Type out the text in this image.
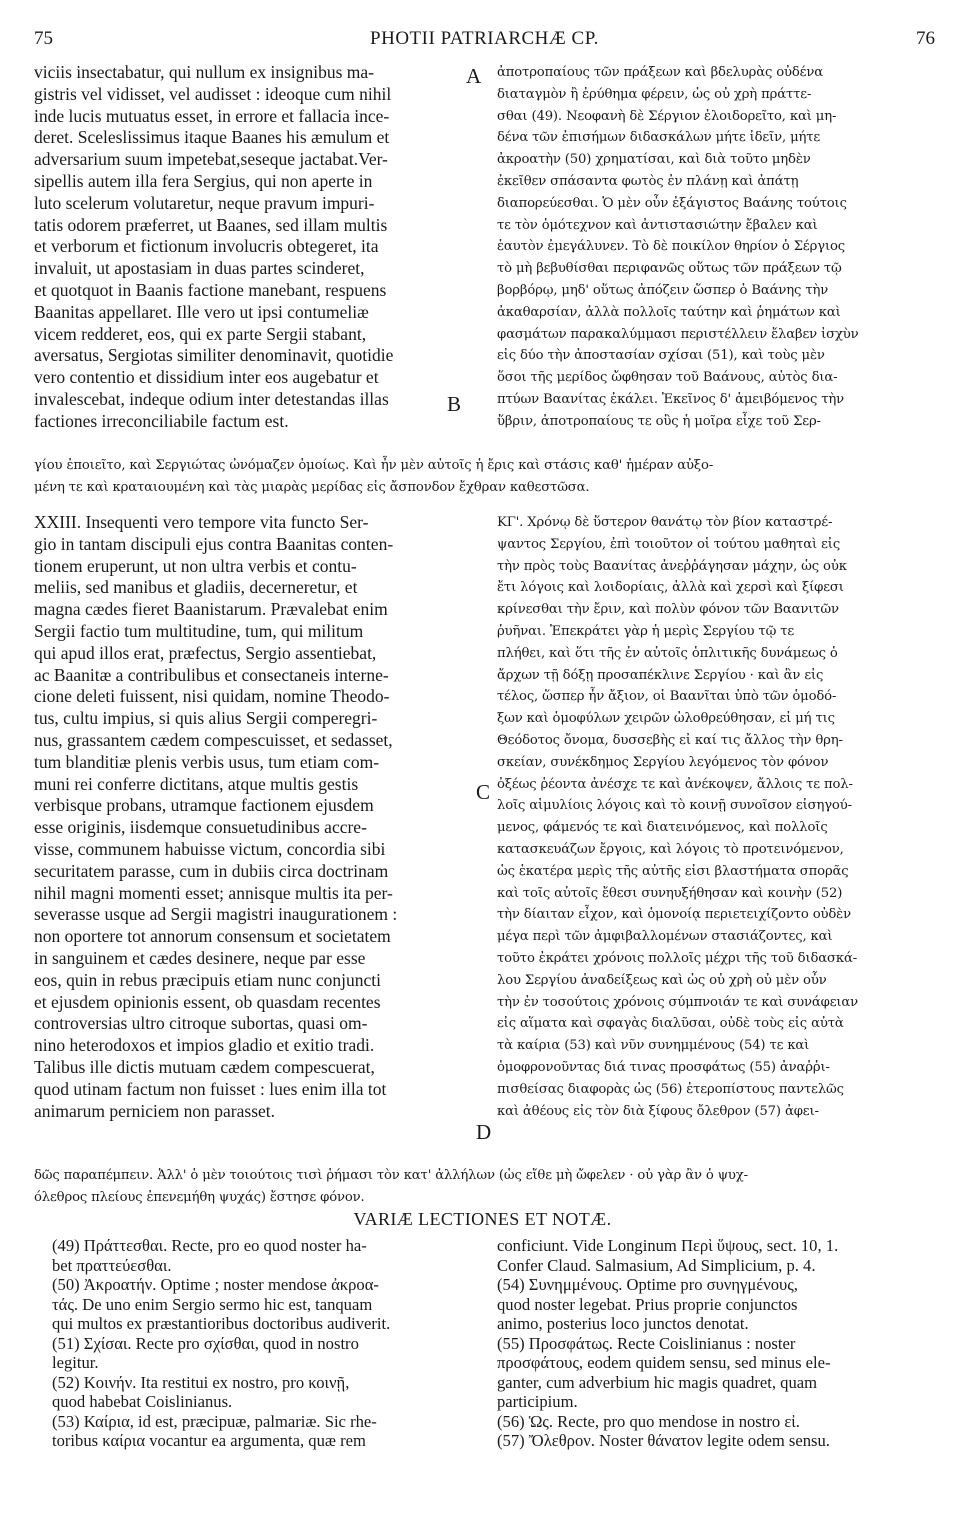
75	PHOTII PATRIARCHÆ CP.	76
viciis insectabatur, qui nullum ex insignibus ma-
gistris vel vidisset, vel audisset : ideoque cum nihil
inde lucis mutuatus esset, in errore et fallacia ince-
deret. Sceleslissimus itaque Baanes his æmulum et
adversarium suum impetebat,seseque jactabat.Ver-
sipellis autem illa fera Sergius, qui non aperte in
luto scelerum volutaretur, neque pravum impuri-
tatis odorem præferret, ut Baanes, sed illam multis
et verborum et fictionum involucris obtegeret, ita
invaluit, ut apostasiam in duas partes scinderet,
et quotquot in Baanis factione manebant, respuens
Baanitas appellaret. Ille vero ut ipsi contumeliæ
vicem redderet, eos, qui ex parte Sergii stabant,
aversatus, Sergiotas similiter denominavit, quotidie
vero contentio et dissidium inter eos augebatur et
invalescebat, indeque odium inter detestandas illas
factiones irreconciliabile factum est.
ἀποτροπαίους τῶν πράξεων καὶ βδελυρὰς οὐδένα
διαταγμὸν ἢ ἐρύθημα φέρειν, ὡς οὐ χρὴ πράττε-
σθαι (49). Νεοφανὴ δὲ Σέργιον ἐλοιδορεῖτο, καὶ μη-
δένα τῶν ἐπισήμων διδασκάλων μήτε ἰδεῖν, μήτε
ἀκροατὴν (50) χρηματίσαι, καὶ διὰ τοῦτο μηδὲν
ἐκεῖθεν σπάσαντα φωτὸς ἐν πλάνῃ καὶ ἀπάτῃ
διαπορεύεσθαι. Ὁ μὲν οὖν ἐξάγιστος Βαάνης τούτοις
τε τὸν ὁμότεχνον καὶ ἀντιστασιώτην ἔβαλεν καὶ
ἑαυτὸν ἐμεγάλυνεν. Τὸ δὲ ποικίλον θηρίον ὁ Σέργιος
τὸ μὴ βεβυθίσθαι περιφανῶς οὕτως τῶν πράξεων τῷ
βορβόρῳ, μηδ' οὕτως ἀπόζειν ὥσπερ ὁ Βαάνης τὴν
ἀκαθαρσίαν, ἀλλὰ πολλοῖς ταύτην καὶ ῥημάτων καὶ
φασμάτων παρακαλύμμασι περιστέλλειν ἔλαβεν ἰσχὺν
εἰς δύο τὴν ἀποστασίαν σχίσαι (51), καὶ τοὺς μὲν
ὅσοι τῆς μερίδος ὤφθησαν τοῦ Βαάνους, αὐτὸς δια-
πτύων Βαανίτας ἐκάλει. Ἐκεῖνος δ' ἀμειβόμενος τὴν
ὕβριν, ἀποτροπαίους τε οὓς ἡ μοῖρα εἶχε τοῦ Σερ-
γίου ἐποιεῖτο, καὶ Σεργιώτας ὠνόμαζεν ὁμοίως. Καὶ ἦν μὲν αὐτοῖς ἡ ἔρις καὶ στάσις καθ' ἡμέραν αὐξο-
μένη τε καὶ κραταιουμένη καὶ τὰς μιαρὰς μερίδας εἰς ἄσπονδον ἔχθραν καθεστῶσα.
XXIII. Insequenti vero tempore vita functo Ser-
gio in tantam discipuli ejus contra Baanitas conten-
tionem eruperunt, ut non ultra verbis et contu-
meliis, sed manibus et gladiis, decerneretur, et
magna cædes fieret Baanistarum. Prævalebat enim
Sergii factio tum multitudine, tum, qui militum
qui apud illos erat, præfectus, Sergio assentiebat,
ac Baanitæ a contribulibus et consectaneis interne-
cione deleti fuissent, nisi quidam, nomine Theodo-
tus, cultu impius, si quis alius Sergii comperegri-
nus, grassantem cædem compescuisset, et sedasset,
tum blanditiæ plenis verbis usus, tum etiam com-
muni rei conferre dictitans, atque multis gestis
verbisque probans, utramque factionem ejusdem
esse originis, iisdemque consuetudinibus accre-
visse, communem habuisse victum, concordia sibi
securitatem parasse, cum in dubiis circa doctrinam
nihil magni momenti esset; annisque multis ita per-
severasse usque ad Sergii magistri inaugurationem :
non oportere tot annorum consensum et societatem
in sanguinem et cædes desinere, neque par esse
eos, quin in rebus præcipuis etiam nunc conjuncti
et ejusdem opinionis essent, ob quasdam recentes
controversias ultro citroque subortas, quasi om-
nino heterodoxos et impios gladio et exitio tradi.
Talibus ille dictis mutuam cædem compescuerat,
quod utinam factum non fuisset : lues enim illa tot
animarum perniciem non parasset.
ΚΓ'. Χρόνῳ δὲ ὕστερον θανάτῳ τὸν βίον καταστρέ-
ψαντος Σεργίου, ἐπὶ τοιοῦτον οἱ τούτου μαθηταὶ εἰς
τὴν πρὸς τοὺς Βαανίτας ἀνεῤῥάγησαν μάχην, ὡς οὐκ
ἔτι λόγοις καὶ λοιδορίαις, ἀλλὰ καὶ χερσὶ καὶ ξίφεσι
κρίνεσθαι τὴν ἔριν, καὶ πολὺν φόνον τῶν Βαανιτῶν
ῥυῆναι. Ἐπεκράτει γὰρ ἡ μερὶς Σεργίου τῷ τε
πλήθει, καὶ ὅτι τῆς ἐν αὐτοῖς ὁπλιτικῆς δυνάμεως ὁ
ἄρχων τῇ δόξῃ προσαπέκλινε Σεργίου · καὶ ἂν εἰς
τέλος, ὥσπερ ἦν ἄξιον, οἱ Βαανῖται ὑπὸ τῶν ὁμοδό-
ξων καὶ ὁμοφύλων χειρῶν ὠλοθρεύθησαν, εἰ μή τις
Θεόδοτος ὄνομα, δυσσεβὴς εἰ καί τις ἄλλος τὴν θρη-
σκείαν, συνέκδημος Σεργίου λεγόμενος τὸν φόνον
ὀξέως ῥέοντα ἀνέσχε τε καὶ ἀνέκοψεν, ἄλλοις τε πολ-
λοῖς αἱμυλίοις λόγοις καὶ τὸ κοινῇ συνοῖσον εἰσηγού-
μενος, φάμενός τε καὶ διατεινόμενος, καὶ πολλοῖς
κατασκευάζων ἔργοις, καὶ λόγοις τὸ προτεινόμενον,
ὡς ἑκατέρα μερὶς τῆς αὐτῆς εἰσι βλαστήματα σπορᾶς
καὶ τοῖς αὐτοῖς ἔθεσι συνηυξήθησαν καὶ κοινὴν (52)
τὴν δίαιταν εἶχον, καὶ ὁμονοίᾳ περιετειχίζοντο οὐδὲν
μέγα περὶ τῶν ἀμφιβαλλομένων στασιάζοντες, καὶ
τοῦτο ἐκράτει χρόνοις πολλοῖς μέχρι τῆς τοῦ διδασκά-
λου Σεργίου ἀναδείξεως καὶ ὡς οὐ χρὴ οὐ μὲν οὖν
τὴν ἐν τοσούτοις χρόνοις σύμπνοιάν τε καὶ συνάφειαν
εἰς αἵματα καὶ σφαγὰς διαλῦσαι, οὐδὲ τοὺς εἰς αὐτὰ
τὰ καίρια (53) καὶ νῦν συνημμένους (54) τε καὶ
ὁμοφρονοῦντας διά τινας προσφάτως (55) ἀναῤῥι-
πισθείσας διαφορὰς ὡς (56) ἑτεροπίστους παντελῶς
καὶ ἀθέους εἰς τὸν διὰ ξίφους ὄλεθρον (57) ἀφει-
δῶς παραπέμπειν. Ἀλλ' ὁ μὲν τοιούτοις τισὶ ῥήμασι τὸν κατ' ἀλλήλων (ὡς εἴθε μὴ ὤφελεν · οὐ γὰρ ἂν ὁ ψυχ-
όλεθρος πλείους ἐπενεμήθη ψυχάς) ἔστησε φόνον.
A
B
C
D
VARIÆ LECTIONES ET NOTÆ.
(49) Πράττεσθαι. Recte, pro eo quod noster ha-
bet πραττεύεσθαι.
(50) Ἀκροατήν. Optime ; noster mendose ἀκροα-
τάς. De uno enim Sergio sermo hic est, tanquam
qui multos ex præstantioribus doctoribus audiverit.
(51) Σχίσαι. Recte pro σχίσθαι, quod in nostro
legitur.
(52) Κοινήν. Ita restitui ex nostro, pro κοινῇ,
quod habebat Coislinianus.
(53) Καίρια, id est, præcipuæ, palmariæ. Sic rhe-
toribus καίρια vocantur ea argumenta, quæ rem
conficiunt. Vide Longinum Περὶ ὕψους, sect. 10, 1.
Confer Claud. Salmasium, Ad Simplicium, p. 4.
(54) Συνημμένους. Optime pro συνηγμένους,
quod noster legebat. Prius proprie conjunctos
animo, posterius loco junctos denotat.
(55) Προσφάτως. Recte Coislinianus : noster
προσφάτους, eodem quidem sensu, sed minus ele-
ganter, cum adverbium hic magis quadret, quam
participium.
(56) Ὡς. Recte, pro quo mendose in nostro εἰ.
(57) Ὄλεθρον. Noster θάνατον legite odem sensu.
